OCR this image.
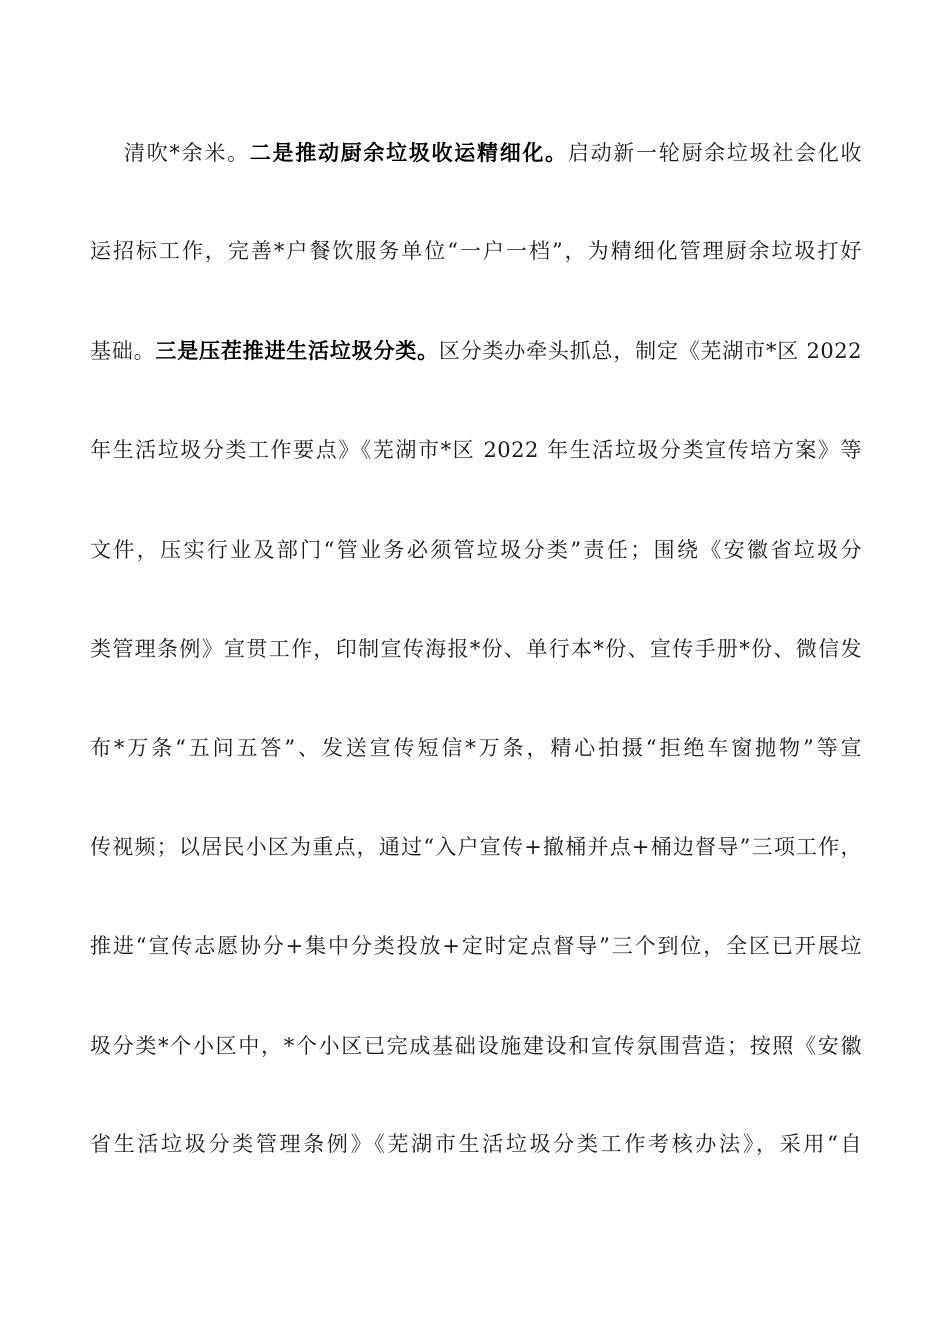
清吹*余米。二是推动厨余垃圾收运精细化。启动新一轮厨余垃圾社会化收
运招标工作，完善*户餐饮服务单位“一户一档”，为精细化管理厨余垃圾打好
基础。三是压茬推进生活垃圾分类。区分类办牵头抓总，制定《芜湖市*区 2022
年生活垃圾分类工作要点》《芜湖市*区 2022 年生活垃圾分类宣传培方案》等
文件，压实行业及部门“管业务必须管垃圾分类”责任；围绕《安徽省垃圾分
类管理条例》宣贯工作，印制宣传海报*份、单行本*份、宣传手册*份、微信发
布*万条“五问五答”、发送宣传短信*万条，精心拍摄“拒绝车窗抛物”等宣
传视频；以居民小区为重点，通过“入户宣传+撤桶并点+桶边督导”三项工作，
推进“宣传志愿协分+集中分类投放+定时定点督导”三个到位，全区已开展垃
圾分类*个小区中，*个小区已完成基础设施建设和宣传氛围营造；按照《安徽
省生活垃圾分类管理条例》《芜湖市生活垃圾分类工作考核办法》，采用“自
